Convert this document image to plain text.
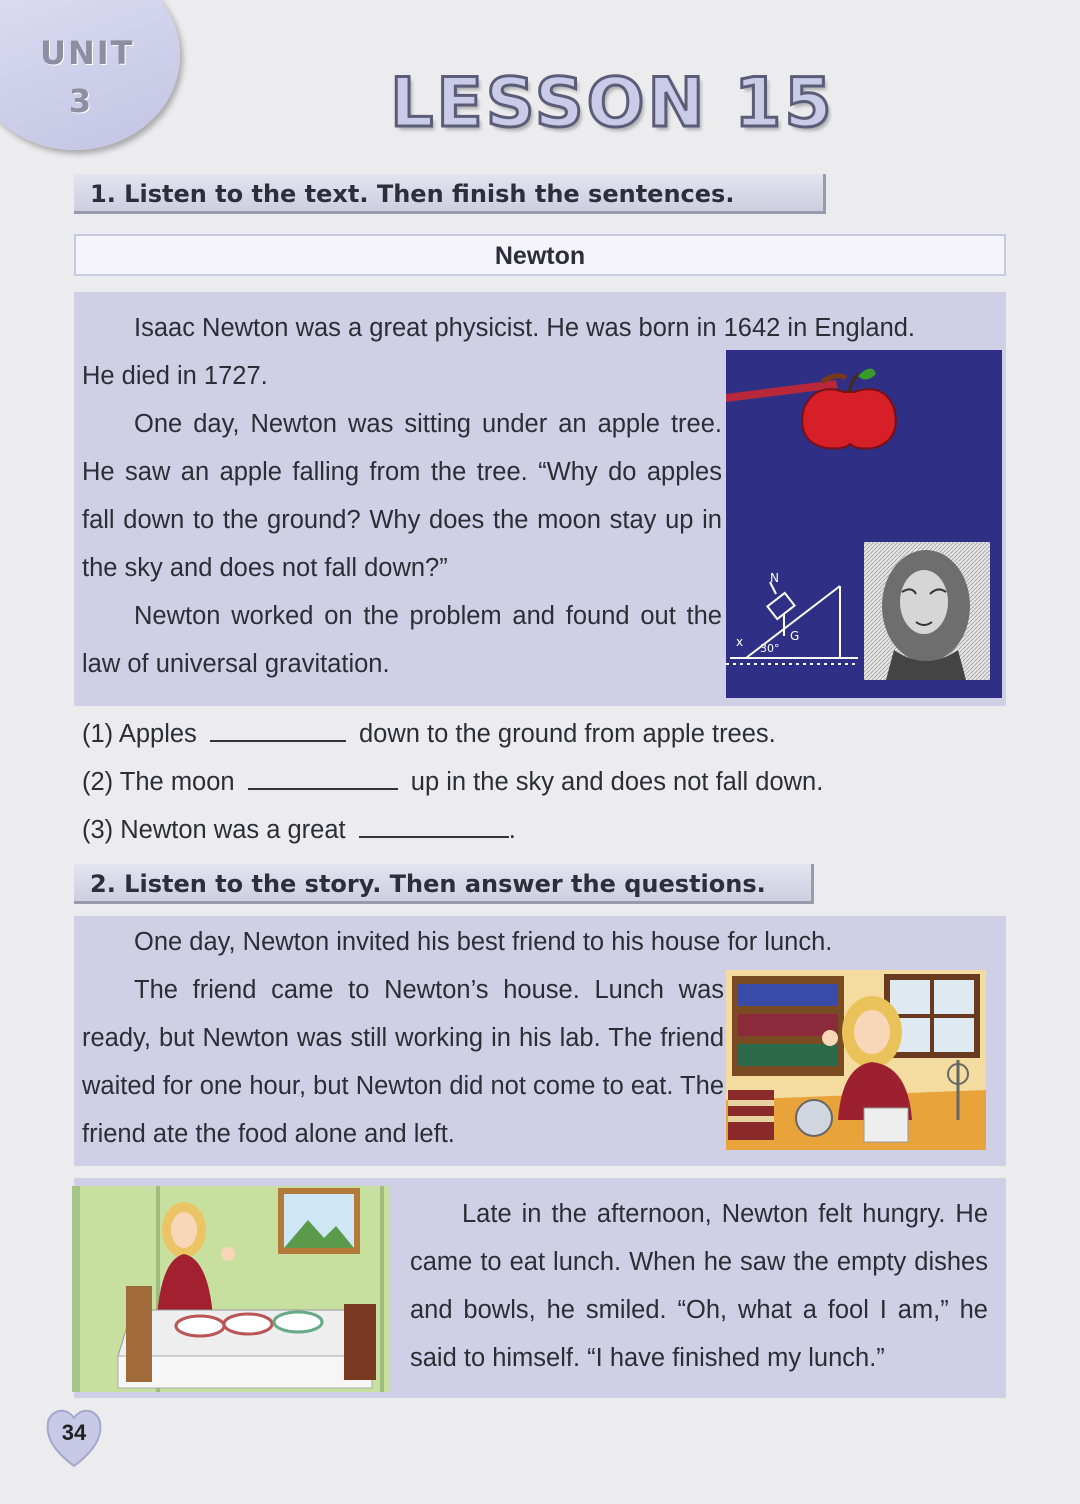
UNIT
3	LESSON 15
1. Listen to the text. Then finish the sentences.
Newton
Isaac Newton was a great physicist. He was born in 1642 in England.
He died in 1727.
One day, Newton was sitting under an apple tree. He saw an apple falling from the tree. “Why do apples fall down to the ground? Why does the moon stay up in the sky and does not fall down?”
Newton worked on the problem and found out the law of universal gravitation.
N
G
x 30°
(1) Apples	down to the ground from apple trees.
(2) The moon	up in the sky and does not fall down.
(3) Newton was a great	.
2. Listen to the story. Then answer the questions.
One day, Newton invited his best friend to his house for lunch.
The friend came to Newton’s house. Lunch was ready, but Newton was still working in his lab. The friend waited for one hour, but Newton did not come to eat. The friend ate the food alone and left.
Late in the afternoon, Newton felt hungry. He came to eat lunch. When he saw the empty dishes and bowls, he smiled. “Oh, what a fool I am,” he said to himself. “I have finished my lunch.”
34
